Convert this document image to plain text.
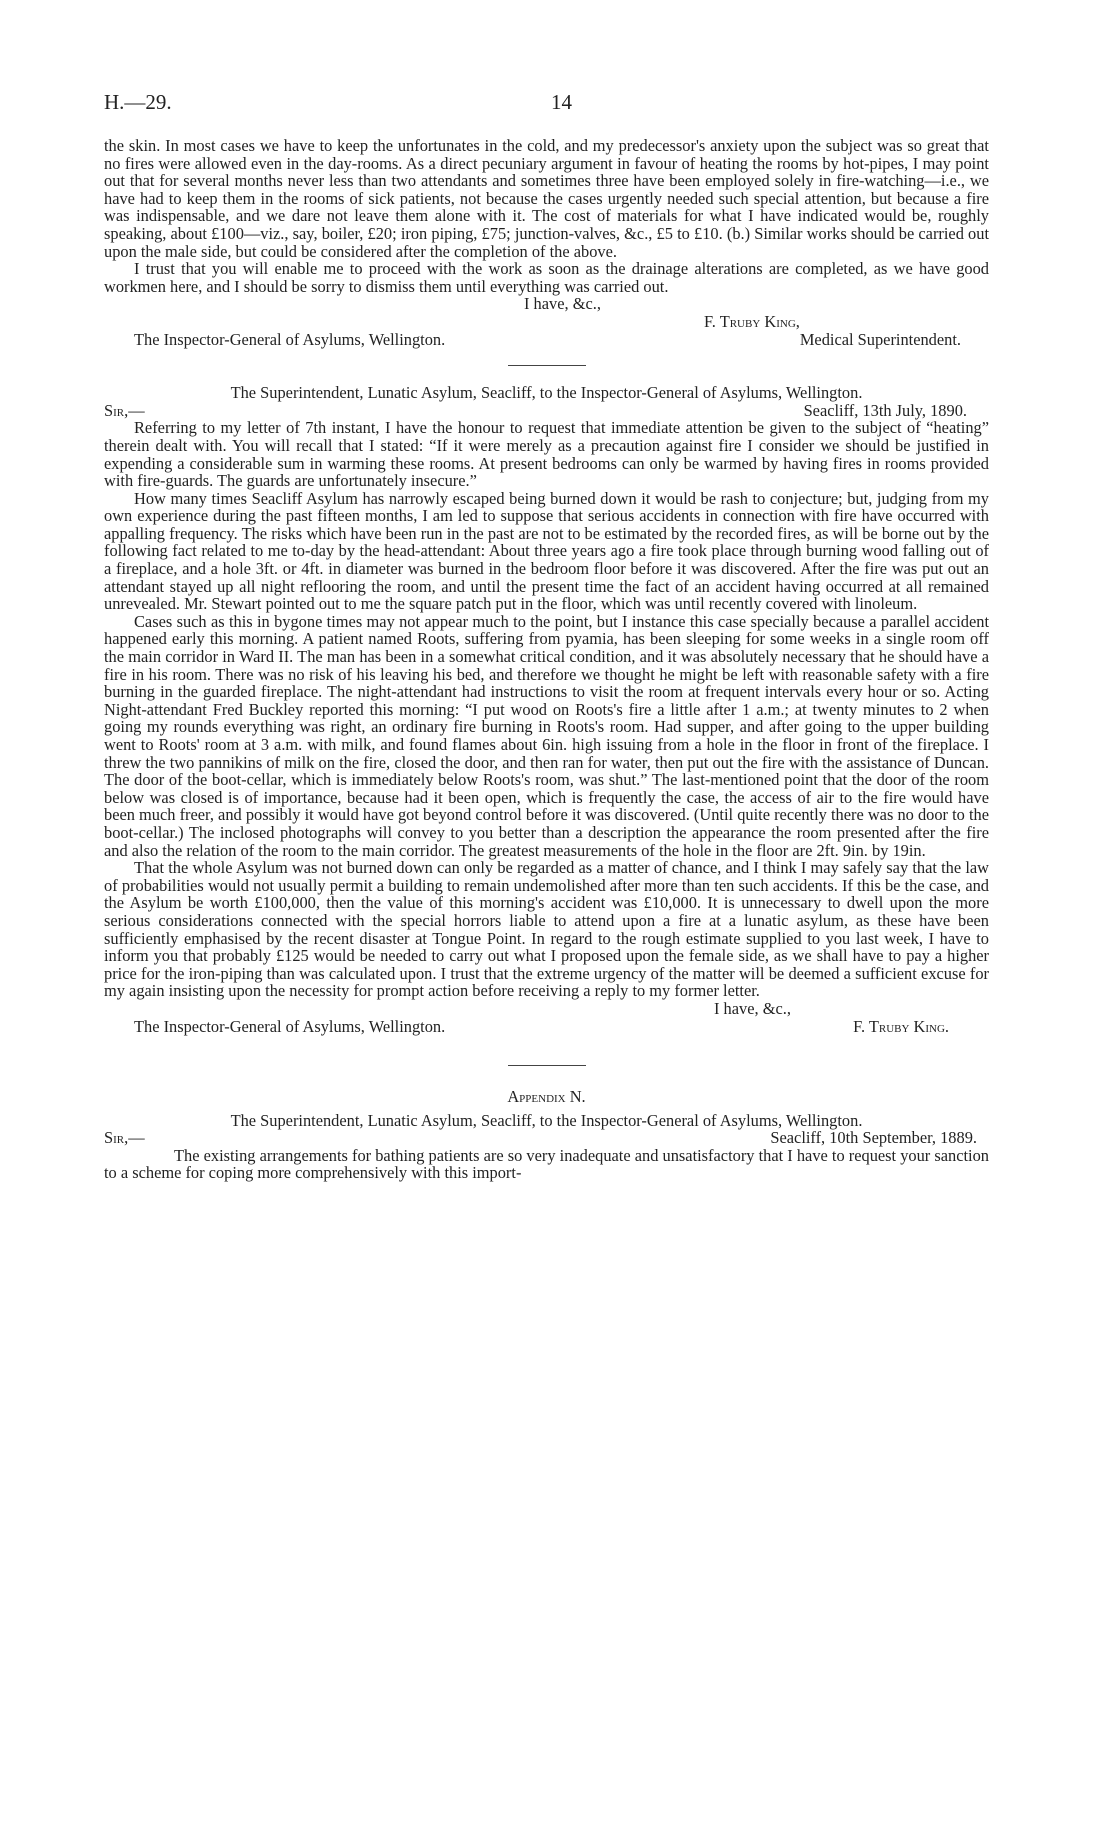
H.—29.	14

the skin. In most cases we have to keep the unfortunates in the cold, and my predecessor's anxiety upon the subject was so great that no fires were allowed even in the day-rooms. As a direct pecuniary argument in favour of heating the rooms by hot-pipes, I may point out that for several months never less than two attendants and sometimes three have been employed solely in fire-watching—i.e., we have had to keep them in the rooms of sick patients, not because the cases urgently needed such special attention, but because a fire was indispensable, and we dare not leave them alone with it. The cost of materials for what I have indicated would be, roughly speaking, about £100—viz., say, boiler, £20; iron piping, £75; junction-valves, &c., £5 to £10. (b.) Similar works should be carried out upon the male side, but could be considered after the completion of the above.

I trust that you will enable me to proceed with the work as soon as the drainage alterations are completed, as we have good workmen here, and I should be sorry to dismiss them until everything was carried out.

I have, &c.,
F. Truby King,
The Inspector-General of Asylums, Wellington.	Medical Superintendent.
The Superintendent, Lunatic Asylum, Seacliff, to the Inspector-General of Asylums, Wellington.
Sir,—	Seacliff, 13th July, 1890.

Referring to my letter of 7th instant, I have the honour to request that immediate attention be given to the subject of “heating” therein dealt with. You will recall that I stated: “If it were merely as a precaution against fire I consider we should be justified in expending a considerable sum in warming these rooms. At present bedrooms can only be warmed by having fires in rooms provided with fire-guards. The guards are unfortunately insecure.”

How many times Seacliff Asylum has narrowly escaped being burned down it would be rash to conjecture; but, judging from my own experience during the past fifteen months, I am led to suppose that serious accidents in connection with fire have occurred with appalling frequency. The risks which have been run in the past are not to be estimated by the recorded fires, as will be borne out by the following fact related to me to-day by the head-attendant: About three years ago a fire took place through burning wood falling out of a fireplace, and a hole 3ft. or 4ft. in diameter was burned in the bedroom floor before it was discovered. After the fire was put out an attendant stayed up all night reflooring the room, and until the present time the fact of an accident having occurred at all remained unrevealed. Mr. Stewart pointed out to me the square patch put in the floor, which was until recently covered with linoleum.

Cases such as this in bygone times may not appear much to the point, but I instance this case specially because a parallel accident happened early this morning. A patient named Roots, suffering from pyamia, has been sleeping for some weeks in a single room off the main corridor in Ward II. The man has been in a somewhat critical condition, and it was absolutely necessary that he should have a fire in his room. There was no risk of his leaving his bed, and therefore we thought he might be left with reasonable safety with a fire burning in the guarded fireplace. The night-attendant had instructions to visit the room at frequent intervals every hour or so. Acting Night-attendant Fred Buckley reported this morning: “I put wood on Roots's fire a little after 1 a.m.; at twenty minutes to 2 when going my rounds everything was right, an ordinary fire burning in Roots's room. Had supper, and after going to the upper building went to Roots' room at 3 a.m. with milk, and found flames about 6in. high issuing from a hole in the floor in front of the fireplace. I threw the two pannikins of milk on the fire, closed the door, and then ran for water, then put out the fire with the assistance of Duncan. The door of the boot-cellar, which is immediately below Roots's room, was shut.” The last-mentioned point that the door of the room below was closed is of importance, because had it been open, which is frequently the case, the access of air to the fire would have been much freer, and possibly it would have got beyond control before it was discovered. (Until quite recently there was no door to the boot-cellar.) The inclosed photographs will convey to you better than a description the appearance the room presented after the fire and also the relation of the room to the main corridor. The greatest measurements of the hole in the floor are 2ft. 9in. by 19in.

That the whole Asylum was not burned down can only be regarded as a matter of chance, and I think I may safely say that the law of probabilities would not usually permit a building to remain undemolished after more than ten such accidents. If this be the case, and the Asylum be worth £100,000, then the value of this morning's accident was £10,000. It is unnecessary to dwell upon the more serious considerations connected with the special horrors liable to attend upon a fire at a lunatic asylum, as these have been sufficiently emphasised by the recent disaster at Tongue Point. In regard to the rough estimate supplied to you last week, I have to inform you that probably £125 would be needed to carry out what I proposed upon the female side, as we shall have to pay a higher price for the iron-piping than was calculated upon. I trust that the extreme urgency of the matter will be deemed a sufficient excuse for my again insisting upon the necessity for prompt action before receiving a reply to my former letter.

I have, &c.,
The Inspector-General of Asylums, Wellington.	F. Truby King.
Appendix N.
The Superintendent, Lunatic Asylum, Seacliff, to the Inspector-General of Asylums, Wellington.
Sir,—	Seacliff, 10th September, 1889.

The existing arrangements for bathing patients are so very inadequate and unsatisfactory that I have to request your sanction to a scheme for coping more comprehensively with this import-
